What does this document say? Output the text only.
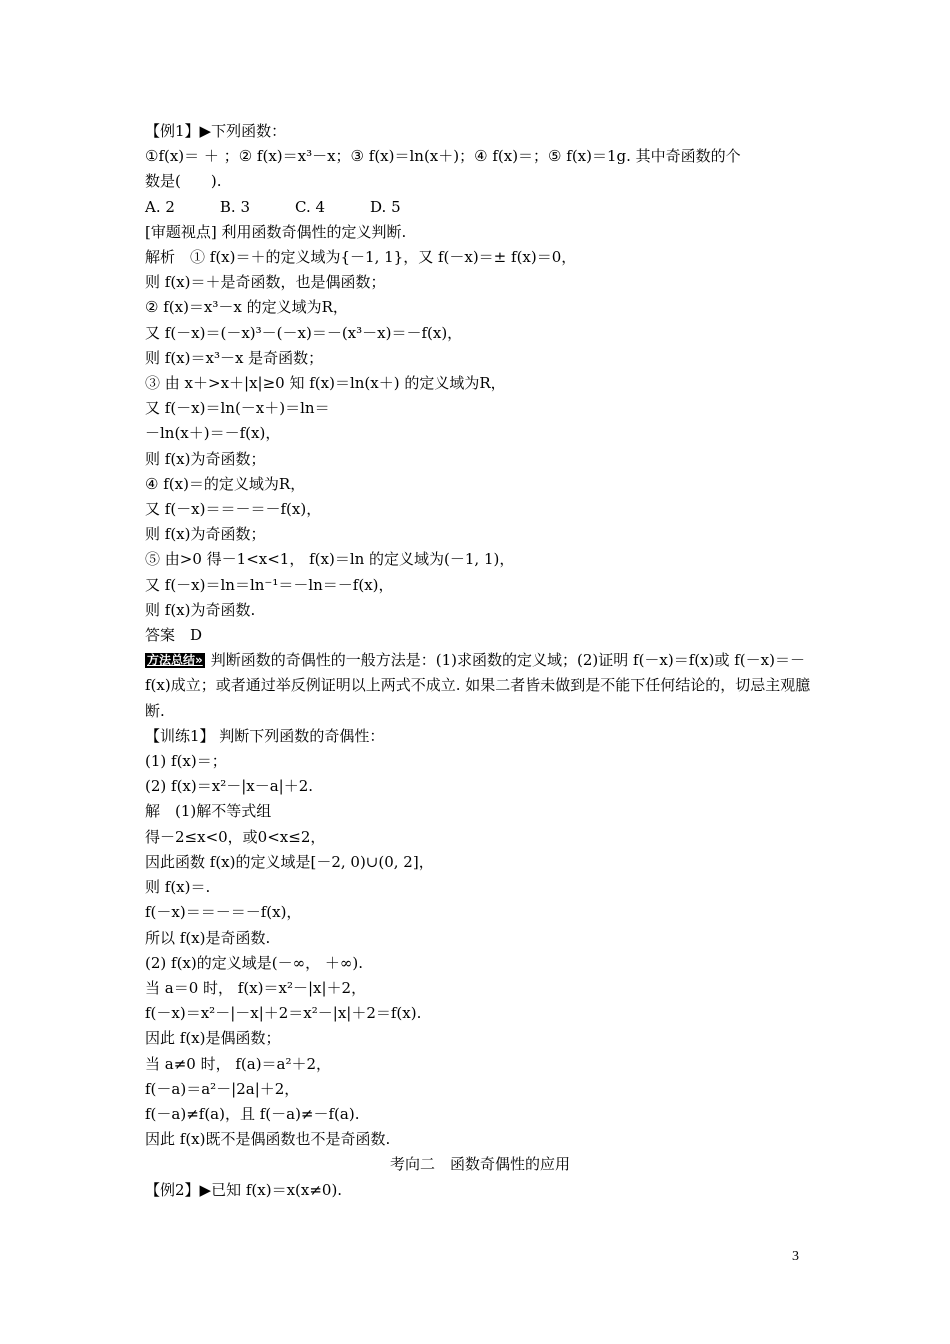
【例1】▶下列函数：
①f(x)＝ ＋ ；② f(x)＝x³－x；③ f(x)＝ln(x＋)；④ f(x)＝；⑤ f(x)＝1g. 其中奇函数的个
数是(　　).
A. 2　　　B. 3　　　C. 4　　　D. 5
[审题视点] 利用函数奇偶性的定义判断.
解析　① f(x)＝＋的定义域为{－1, 1}，又 f(－x)＝± f(x)＝0，
则 f(x)＝＋是奇函数，也是偶函数；
② f(x)＝x³－x 的定义域为R，
又 f(－x)＝(－x)³－(－x)＝－(x³－x)＝－f(x)，
则 f(x)＝x³－x 是奇函数；
③ 由 x＋>x＋|x|≥0 知 f(x)＝ln(x＋) 的定义域为R，
又 f(－x)＝ln(－x＋)＝ln＝
－ln(x＋)＝－f(x)，
则 f(x)为奇函数；
④ f(x)＝的定义域为R，
又 f(－x)＝＝－＝－f(x)，
则 f(x)为奇函数；
⑤ 由>0 得－1<x<1， f(x)＝ln 的定义域为(－1, 1)，
又 f(－x)＝ln＝ln⁻¹＝－ln＝－f(x)，
则 f(x)为奇函数.
答案　D
方法总结» 判断函数的奇偶性的一般方法是：(1)求函数的定义域；(2)证明 f(－x)＝f(x)或 f(－x)＝－f(x)成立；或者通过举反例证明以上两式不成立. 如果二者皆未做到是不能下任何结论的，切忌主观臆断.
【训练1】 判断下列函数的奇偶性：
(1) f(x)＝；
(2) f(x)＝x²－|x－a|＋2.
解　(1)解不等式组
得－2≤x<0，或0<x≤2，
因此函数 f(x)的定义域是[－2, 0)∪(0, 2]，
则 f(x)＝.
f(－x)＝＝－＝－f(x)，
所以 f(x)是奇函数.
(2) f(x)的定义域是(－∞， ＋∞).
当 a＝0 时， f(x)＝x²－|x|＋2，
f(－x)＝x²－|－x|＋2＝x²－|x|＋2＝f(x).
因此 f(x)是偶函数；
当 a≠0 时， f(a)＝a²＋2，
f(－a)＝a²－|2a|＋2，
f(－a)≠f(a)，且 f(－a)≠－f(a).
因此 f(x)既不是偶函数也不是奇函数.
考向二　函数奇偶性的应用
【例2】▶已知 f(x)＝x(x≠0).
3
